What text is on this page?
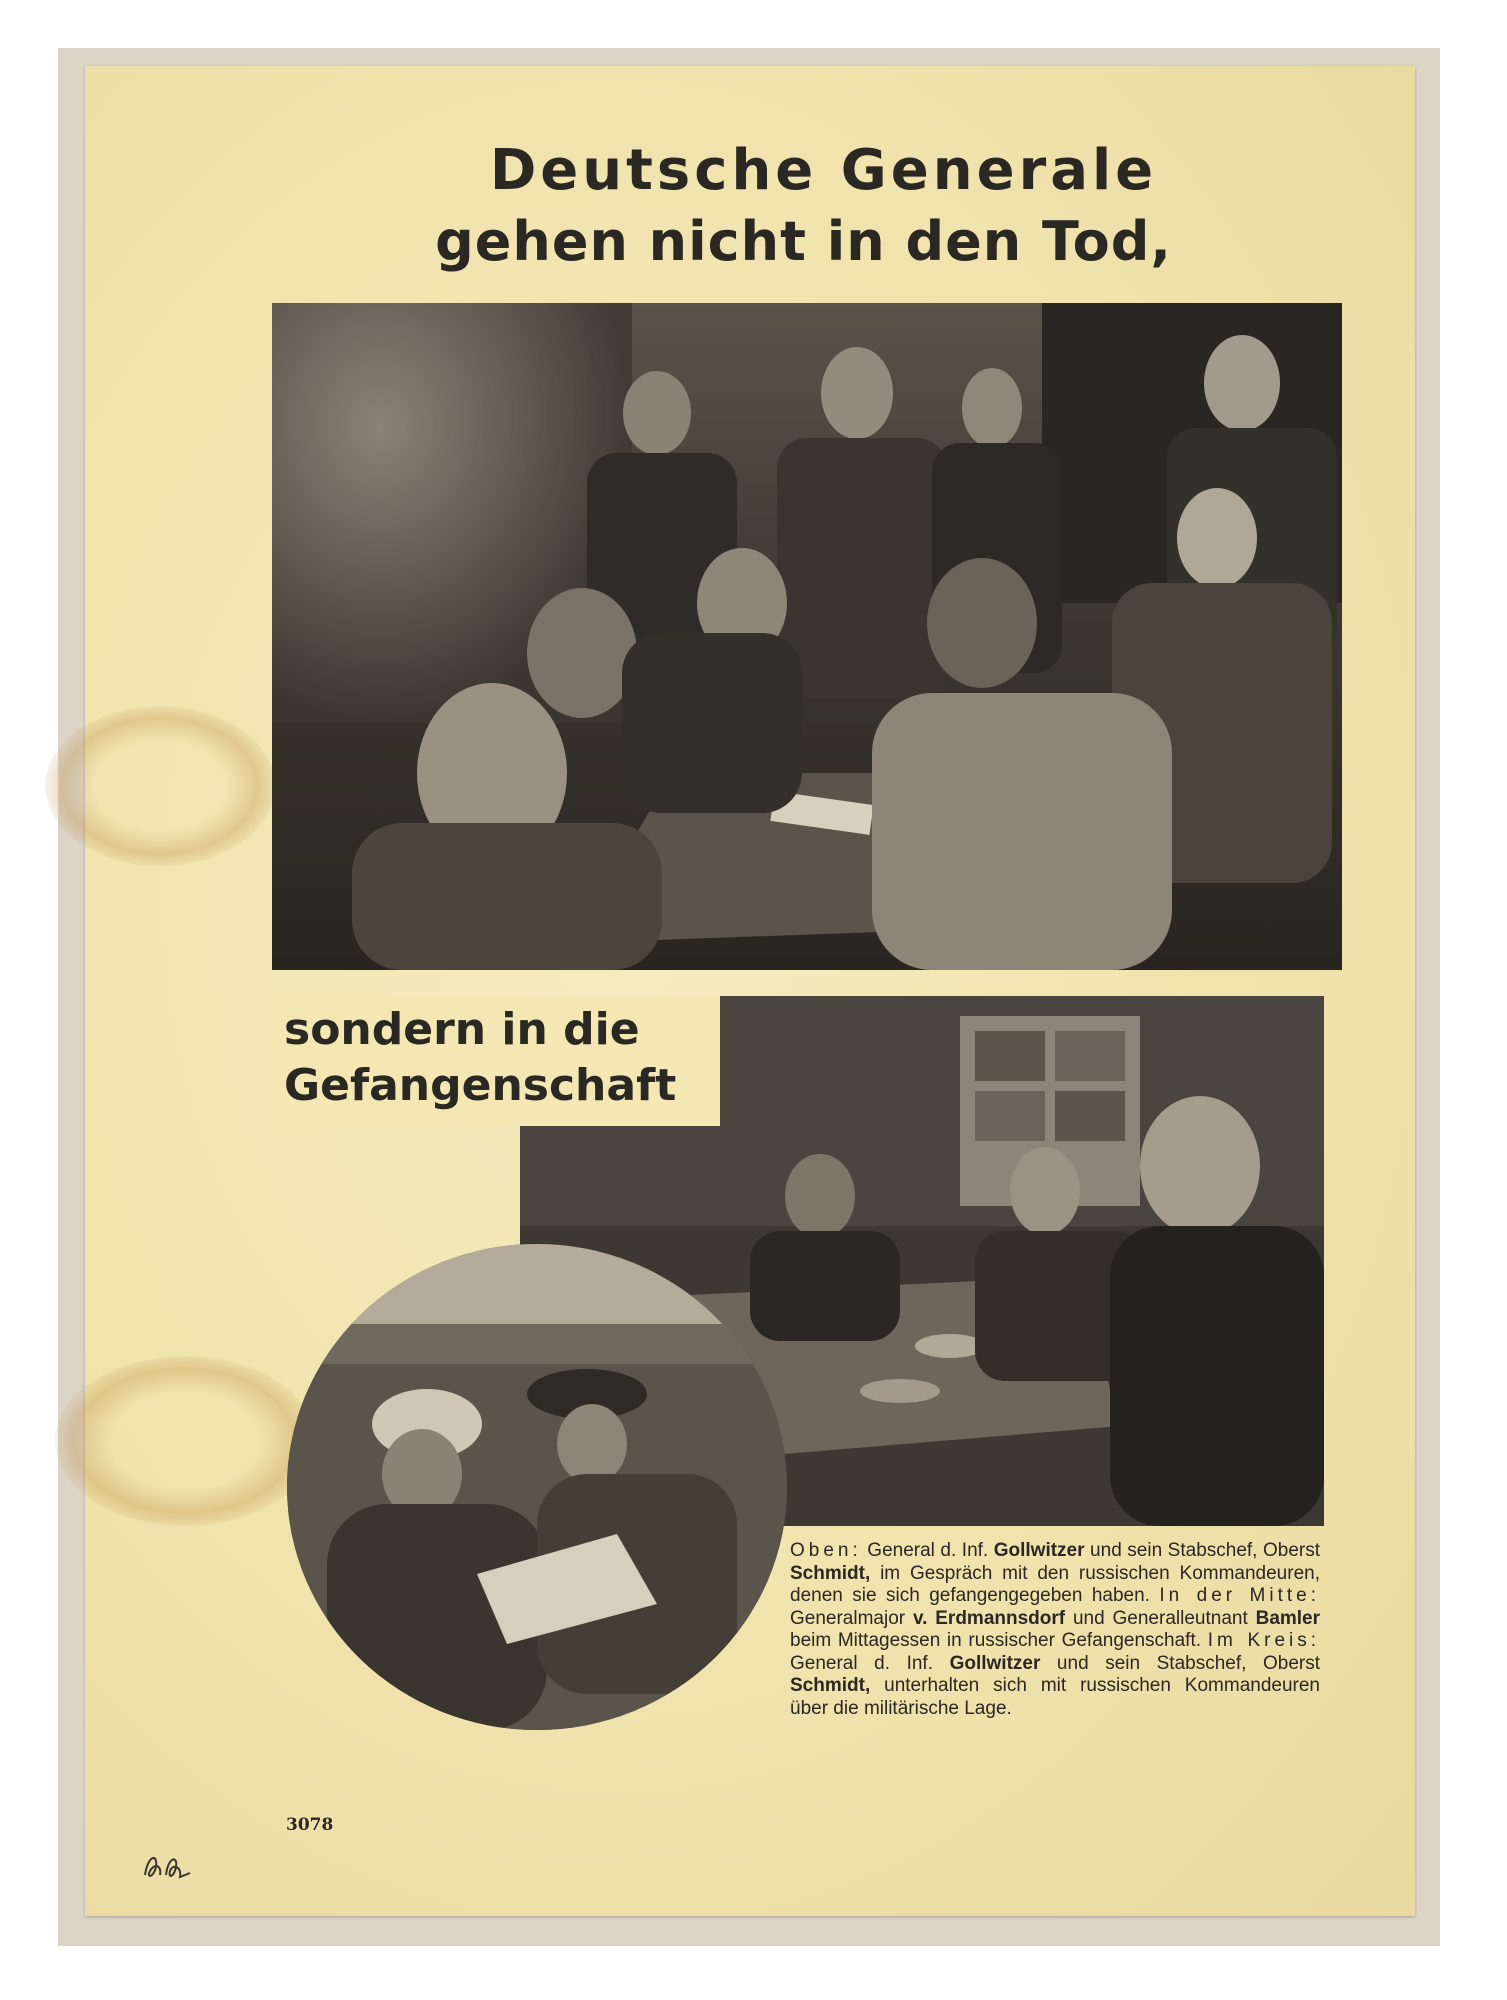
Deutsche Generale
gehen nicht in den Tod,
sondern in die
Gefangenschaft
Oben: General d. Inf. Gollwitzer und sein Stabschef, Oberst Schmidt, im Gespräch mit den russischen Kommandeuren, denen sie sich gefangengegeben haben. In der Mitte: Generalmajor v. Erdmannsdorf und Generalleutnant Bamler beim Mittagessen in russischer Gefangenschaft. Im Kreis: General d. Inf. Gollwitzer und sein Stabschef, Oberst Schmidt, unterhalten sich mit russischen Kommandeuren über die militärische Lage.
3078
